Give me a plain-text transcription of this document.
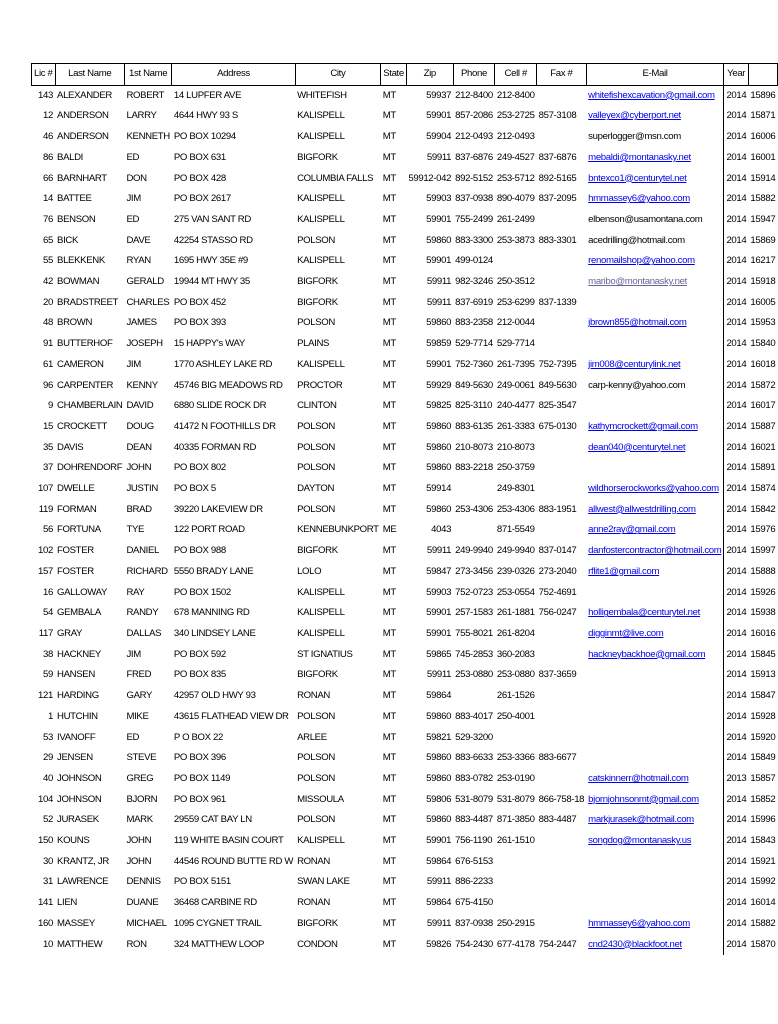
Lic #	Last Name	1st Name	Address	City	State	Zip	Phone	Cell #	Fax #	E-Mail	Year	
143	ALEXANDER	ROBERT	14 LUPFER AVE	WHITEFISH	MT	59937	212-8400	212-8400		whitefishexcavation@gmail.com	2014	15896
12	ANDERSON	LARRY	4644 HWY 93 S	KALISPELL	MT	59901	857-2086	253-2725	857-3108	valleyex@cyberport.net	2014	15871
46	ANDERSON	KENNETH	PO BOX 10294	KALISPELL	MT	59904	212-0493	212-0493		superlogger@msn.com	2014	16006
86	BALDI	ED	PO BOX 631	BIGFORK	MT	59911	837-6876	249-4527	837-6876	mebaldi@montanasky.net	2014	16001
66	BARNHART	DON	PO BOX 428	COLUMBIA FALLS	MT	59912-042	892-5152	253-5712	892-5165	bntexco1@centurytel.net	2014	15914
14	BATTEE	JIM	PO BOX 2617	KALISPELL	MT	59903	837-0938	890-4079	837-2095	hmmassey6@yahoo.com	2014	15882
76	BENSON	ED	275 VAN SANT RD	KALISPELL	MT	59901	755-2499	261-2499		elbenson@usamontana.com	2014	15947
65	BICK	DAVE	42254 STASSO RD	POLSON	MT	59860	883-3300	253-3873	883-3301	acedrilling@hotmail.com	2014	15869
55	BLEKKENK	RYAN	1695 HWY 35E #9	KALISPELL	MT	59901	499-0124			renomailshop@yahoo.com	2014	16217
42	BOWMAN	GERALD	19944 MT HWY 35	BIGFORK	MT	59911	982-3246	250-3512		maribo@montanasky.net	2014	15918
20	BRADSTREET	CHARLES	PO BOX 452	BIGFORK	MT	59911	837-6919	253-6299	837-1339		2014	16005
48	BROWN	JAMES	PO BOX 393	POLSON	MT	59860	883-2358	212-0044		jbrown855@hotmail.com	2014	15953
91	BUTTERHOF	JOSEPH	15 HAPPY's WAY	PLAINS	MT	59859	529-7714	529-7714			2014	15840
61	CAMERON	JIM	1770 ASHLEY LAKE RD	KALISPELL	MT	59901	752-7360	261-7395	752-7395	jim008@centurylink.net	2014	16018
96	CARPENTER	KENNY	45746 BIG MEADOWS RD	PROCTOR	MT	59929	849-5630	249-0061	849-5630	carp-kenny@yahoo.com	2014	15872
9	CHAMBERLAIN	DAVID	6880 SLIDE ROCK DR	CLINTON	MT	59825	825-3110	240-4477	825-3547		2014	16017
15	CROCKETT	DOUG	41472 N FOOTHILLS DR	POLSON	MT	59860	883-6135	261-3383	675-0130	kathymcrockett@gmail.com	2014	15887
35	DAVIS	DEAN	40335 FORMAN RD	POLSON	MT	59860	210-8073	210-8073		dean040@centurytel.net	2014	16021
37	DOHRENDORF	JOHN	PO BOX 802	POLSON	MT	59860	883-2218	250-3759			2014	15891
107	DWELLE	JUSTIN	PO BOX 5	DAYTON	MT	59914		249-8301		wildhorserockworks@yahoo.com	2014	15874
119	FORMAN	BRAD	39220 LAKEVIEW DR	POLSON	MT	59860	253-4306	253-4306	883-1951	allwest@allwestdrilling.com	2014	15842
56	FORTUNA	TYE	122 PORT ROAD	KENNEBUNKPORT	ME	4043		871-5549		anne2ray@gmail.com	2014	15976
102	FOSTER	DANIEL	PO BOX 988	BIGFORK	MT	59911	249-9940	249-9940	837-0147	danfostercontractor@hotmail.com	2014	15997
157	FOSTER	RICHARD	5550 BRADY LANE	LOLO	MT	59847	273-3456	239-0326	273-2040	rflite1@gmail.com	2014	15888
16	GALLOWAY	RAY	PO BOX 1502	KALISPELL	MT	59903	752-0723	253-0554	752-4691		2014	15926
54	GEMBALA	RANDY	678 MANNING RD	KALISPELL	MT	59901	257-1583	261-1881	756-0247	holligembala@centurytel.net	2014	15938
117	GRAY	DALLAS	340 LINDSEY LANE	KALISPELL	MT	59901	755-8021	261-8204		digginmt@live.com	2014	16016
38	HACKNEY	JIM	PO BOX 592	ST IGNATIUS	MT	59865	745-2853	360-2083		hackneybackhoe@gmail.com	2014	15845
59	HANSEN	FRED	PO BOX 835	BIGFORK	MT	59911	253-0880	253-0880	837-3659		2014	15913
121	HARDING	GARY	42957 OLD HWY 93	RONAN	MT	59864		261-1526			2014	15847
1	HUTCHIN	MIKE	43615 FLATHEAD VIEW DR	POLSON	MT	59860	883-4017	250-4001			2014	15928
53	IVANOFF	ED	P O BOX 22	ARLEE	MT	59821	529-3200				2014	15920
29	JENSEN	STEVE	PO BOX 396	POLSON	MT	59860	883-6633	253-3366	883-6677		2014	15849
40	JOHNSON	GREG	PO BOX 1149	POLSON	MT	59860	883-0782	253-0190		catskinnerr@hotmail.com	2013	15857
104	JOHNSON	BJORN	PO BOX 961	MISSOULA	MT	59806	531-8079	531-8079	866-758-18	bjornjohnsonmt@gmail.com	2014	15852
52	JURASEK	MARK	29559 CAT BAY LN	POLSON	MT	59860	883-4487	871-3850	883-4487	markjurasek@hotmail.com	2014	15996
150	KOUNS	JOHN	119 WHITE BASIN COURT	KALISPELL	MT	59901	756-1190	261-1510		songdog@montanasky.us	2014	15843
30	KRANTZ, JR	JOHN	44546 ROUND BUTTE RD W	RONAN	MT	59864	676-5153				2014	15921
31	LAWRENCE	DENNIS	PO BOX 5151	SWAN LAKE	MT	59911	886-2233				2014	15992
141	LIEN	DUANE	36468 CARBINE RD	RONAN	MT	59864	675-4150				2014	16014
160	MASSEY	MICHAEL	1095 CYGNET TRAIL	BIGFORK	MT	59911	837-0938	250-2915		hmmassey6@yahoo.com	2014	15882
10	MATTHEW	RON	324 MATTHEW LOOP	CONDON	MT	59826	754-2430	677-4178	754-2447	cnd2430@blackfoot.net	2014	15870
